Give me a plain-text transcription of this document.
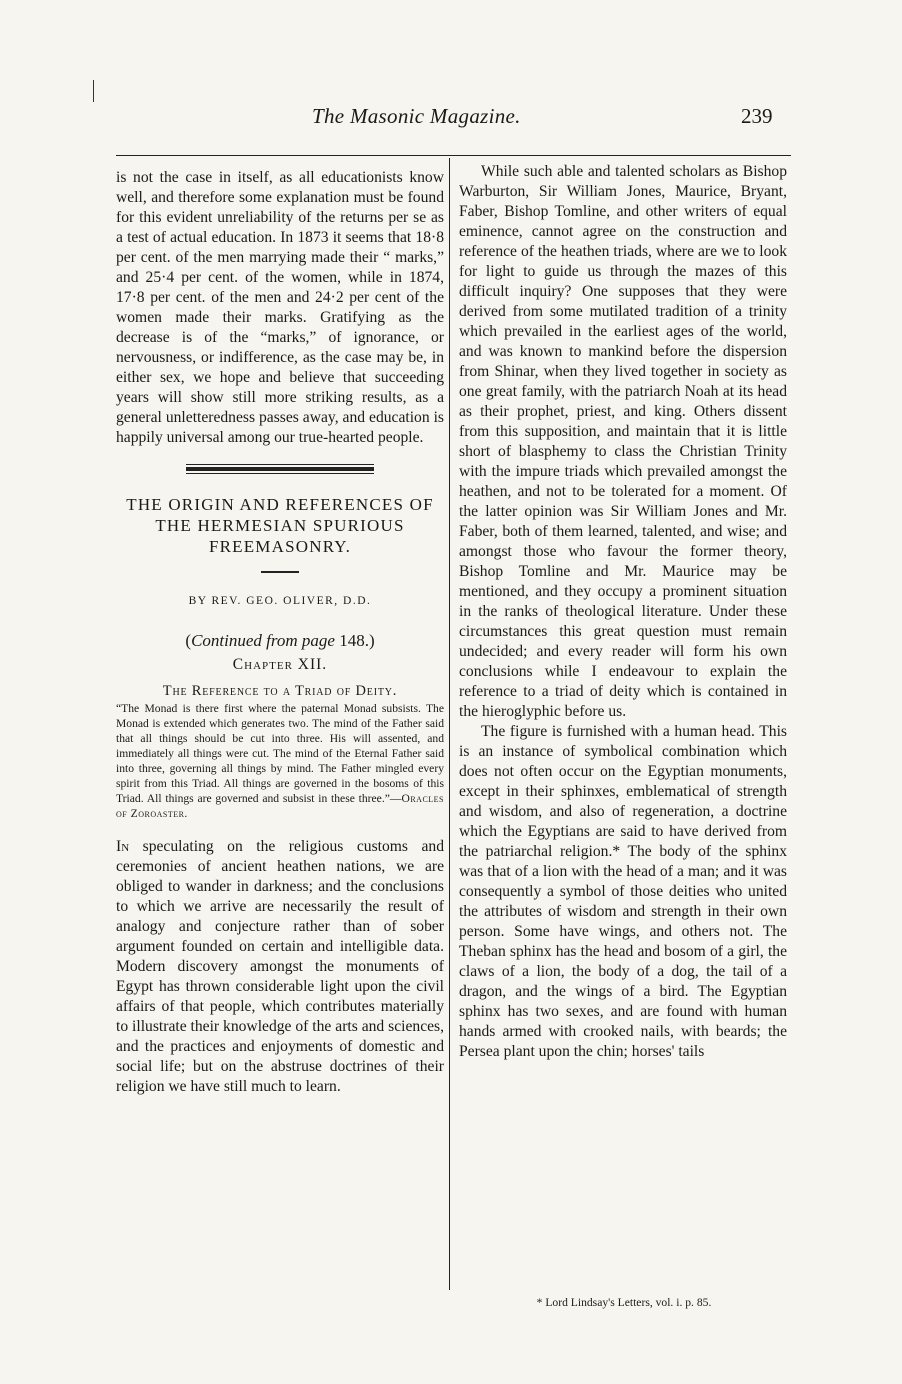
The Masonic Magazine.	239

is not the case in itself, as all educationists know well, and therefore some explanation must be found for this evident unreliability of the returns per se as a test of actual education. In 1873 it seems that 18·8 per cent. of the men marrying made their “ marks,” and 25·4 per cent. of the women, while in 1874, 17·8 per cent. of the men and 24·2 per cent of the women made their marks. Gratifying as the decrease is of the “marks,” of ignorance, or nervousness, or indifference, as the case may be, in either sex, we hope and believe that succeeding years will show still more striking results, as a general unletteredness passes away, and education is happily universal among our true-hearted people.

THE ORIGIN AND REFERENCES OF THE HERMESIAN SPURIOUS FREEMASONRY.
BY REV. GEO. OLIVER, D.D.
(Continued from page 148.)
Chapter XII.
The Reference to a Triad of Deity.

“The Monad is there first where the paternal Monad subsists. The Monad is extended which generates two. The mind of the Father said that all things should be cut into three. His will assented, and immediately all things were cut. The mind of the Eternal Father said into three, governing all things by mind. The Father mingled every spirit from this Triad. All things are governed in the bosoms of this Triad. All things are governed and subsist in these three.”—Oracles of Zoroaster.

In speculating on the religious customs and ceremonies of ancient heathen nations, we are obliged to wander in darkness; and the conclusions to which we arrive are necessarily the result of analogy and conjecture rather than of sober argument founded on certain and intelligible data. Modern discovery amongst the monuments of Egypt has thrown considerable light upon the civil affairs of that people, which contributes materially to illustrate their knowledge of the arts and sciences, and the practices and enjoyments of domestic and social life; but on the abstruse doctrines of their religion we have still much to learn.

While such able and talented scholars as Bishop Warburton, Sir William Jones, Maurice, Bryant, Faber, Bishop Tomline, and other writers of equal eminence, cannot agree on the construction and reference of the heathen triads, where are we to look for light to guide us through the mazes of this difficult inquiry? One supposes that they were derived from some mutilated tradition of a trinity which prevailed in the earliest ages of the world, and was known to mankind before the dispersion from Shinar, when they lived together in society as one great family, with the patriarch Noah at its head as their prophet, priest, and king. Others dissent from this supposition, and maintain that it is little short of blasphemy to class the Christian Trinity with the impure triads which prevailed amongst the heathen, and not to be tolerated for a moment. Of the latter opinion was Sir William Jones and Mr. Faber, both of them learned, talented, and wise; and amongst those who favour the former theory, Bishop Tomline and Mr. Maurice may be mentioned, and they occupy a prominent situation in the ranks of theological literature. Under these circumstances this great question must remain undecided; and every reader will form his own conclusions while I endeavour to explain the reference to a triad of deity which is contained in the hieroglyphic before us.

The figure is furnished with a human head. This is an instance of symbolical combination which does not often occur on the Egyptian monuments, except in their sphinxes, emblematical of strength and wisdom, and also of regeneration, a doctrine which the Egyptians are said to have derived from the patriarchal religion.* The body of the sphinx was that of a lion with the head of a man; and it was consequently a symbol of those deities who united the attributes of wisdom and strength in their own person. Some have wings, and others not. The Theban sphinx has the head and bosom of a girl, the claws of a lion, the body of a dog, the tail of a dragon, and the wings of a bird. The Egyptian sphinx has two sexes, and are found with human hands armed with crooked nails, with beards; the Persea plant upon the chin; horses' tails

* Lord Lindsay's Letters, vol. i. p. 85.
